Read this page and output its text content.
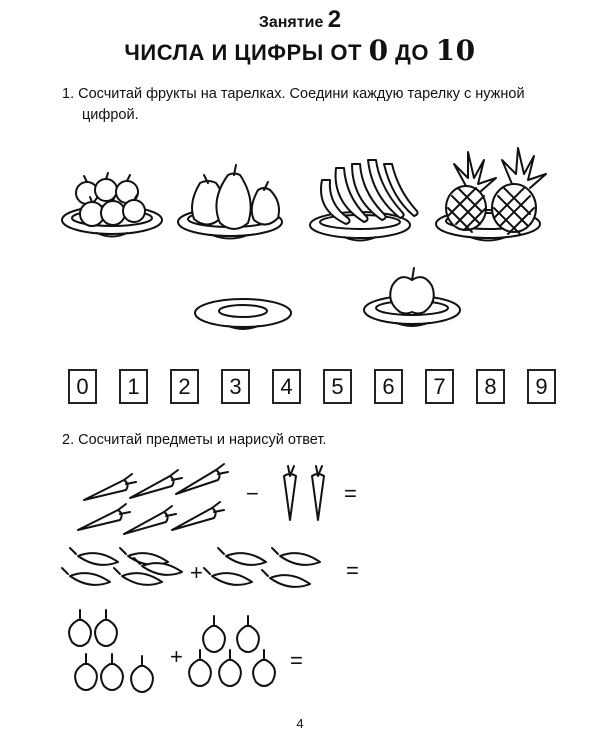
Занятие 2
ЧИСЛА И ЦИФРЫ ОТ 0 ДО 10
1. Сосчитай фрукты на тарелках. Соедини каждую тарелку с нужной
цифрой.
0	1	2	3	4	5	6	7	8	9
2. Сосчитай предметы и нарисуй ответ.
−	=
+	=
+	=
4
